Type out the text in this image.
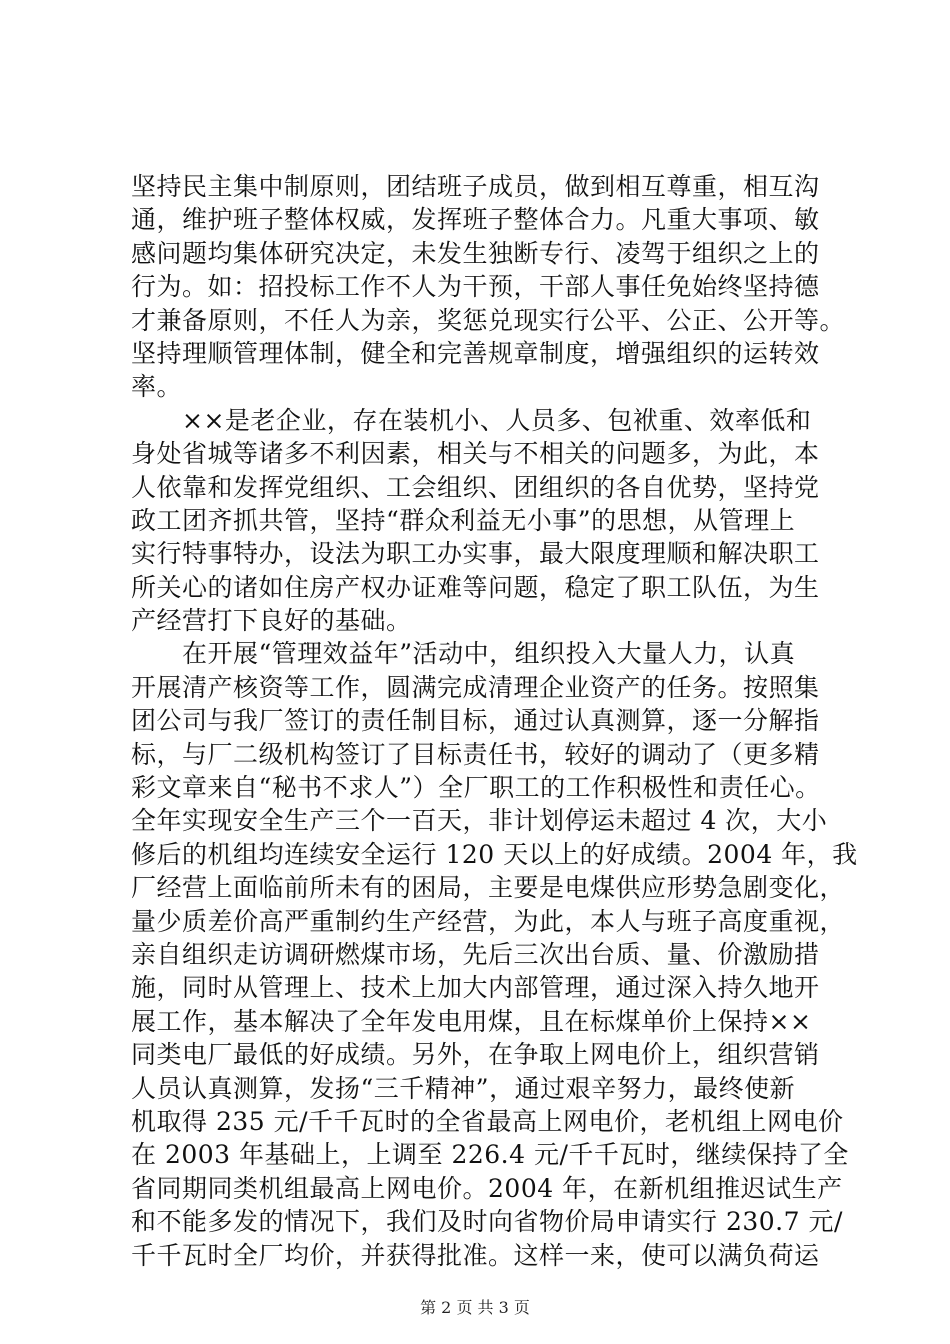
坚持民主集中制原则，团结班子成员，做到相互尊重，相互沟
通，维护班子整体权威，发挥班子整体合力。凡重大事项、敏
感问题均集体研究决定，未发生独断专行、凌驾于组织之上的
行为。如：招投标工作不人为干预，干部人事任免始终坚持德
才兼备原则，不任人为亲，奖惩兑现实行公平、公正、公开等。
坚持理顺管理体制，健全和完善规章制度，增强组织的运转效
率。
　　××是老企业，存在装机小、人员多、包袱重、效率低和
身处省城等诸多不利因素，相关与不相关的问题多，为此，本
人依靠和发挥党组织、工会组织、团组织的各自优势，坚持党
政工团齐抓共管，坚持“群众利益无小事”的思想，从管理上
实行特事特办，设法为职工办实事，最大限度理顺和解决职工
所关心的诸如住房产权办证难等问题，稳定了职工队伍，为生
产经营打下良好的基础。
　　在开展“管理效益年”活动中，组织投入大量人力，认真
开展清产核资等工作，圆满完成清理企业资产的任务。按照集
团公司与我厂签订的责任制目标，通过认真测算，逐一分解指
标，与厂二级机构签订了目标责任书，较好的调动了（更多精
彩文章来自“秘书不求人”）全厂职工的工作积极性和责任心。
全年实现安全生产三个一百天，非计划停运未超过 4 次，大小
修后的机组均连续安全运行 120 天以上的好成绩。2004 年，我
厂经营上面临前所未有的困局，主要是电煤供应形势急剧变化，
量少质差价高严重制约生产经营，为此，本人与班子高度重视，
亲自组织走访调研燃煤市场，先后三次出台质、量、价激励措
施，同时从管理上、技术上加大内部管理，通过深入持久地开
展工作，基本解决了全年发电用煤，且在标煤单价上保持××
同类电厂最低的好成绩。另外，在争取上网电价上，组织营销
人员认真测算，发扬“三千精神”，通过艰辛努力，最终使新
机取得 235 元/千千瓦时的全省最高上网电价，老机组上网电价
在 2003 年基础上，上调至 226.4 元/千千瓦时，继续保持了全
省同期同类机组最高上网电价。2004 年，在新机组推迟试生产
和不能多发的情况下，我们及时向省物价局申请实行 230.7 元/
千千瓦时全厂均价，并获得批准。这样一来，使可以满负荷运
第 2 页 共 3 页
